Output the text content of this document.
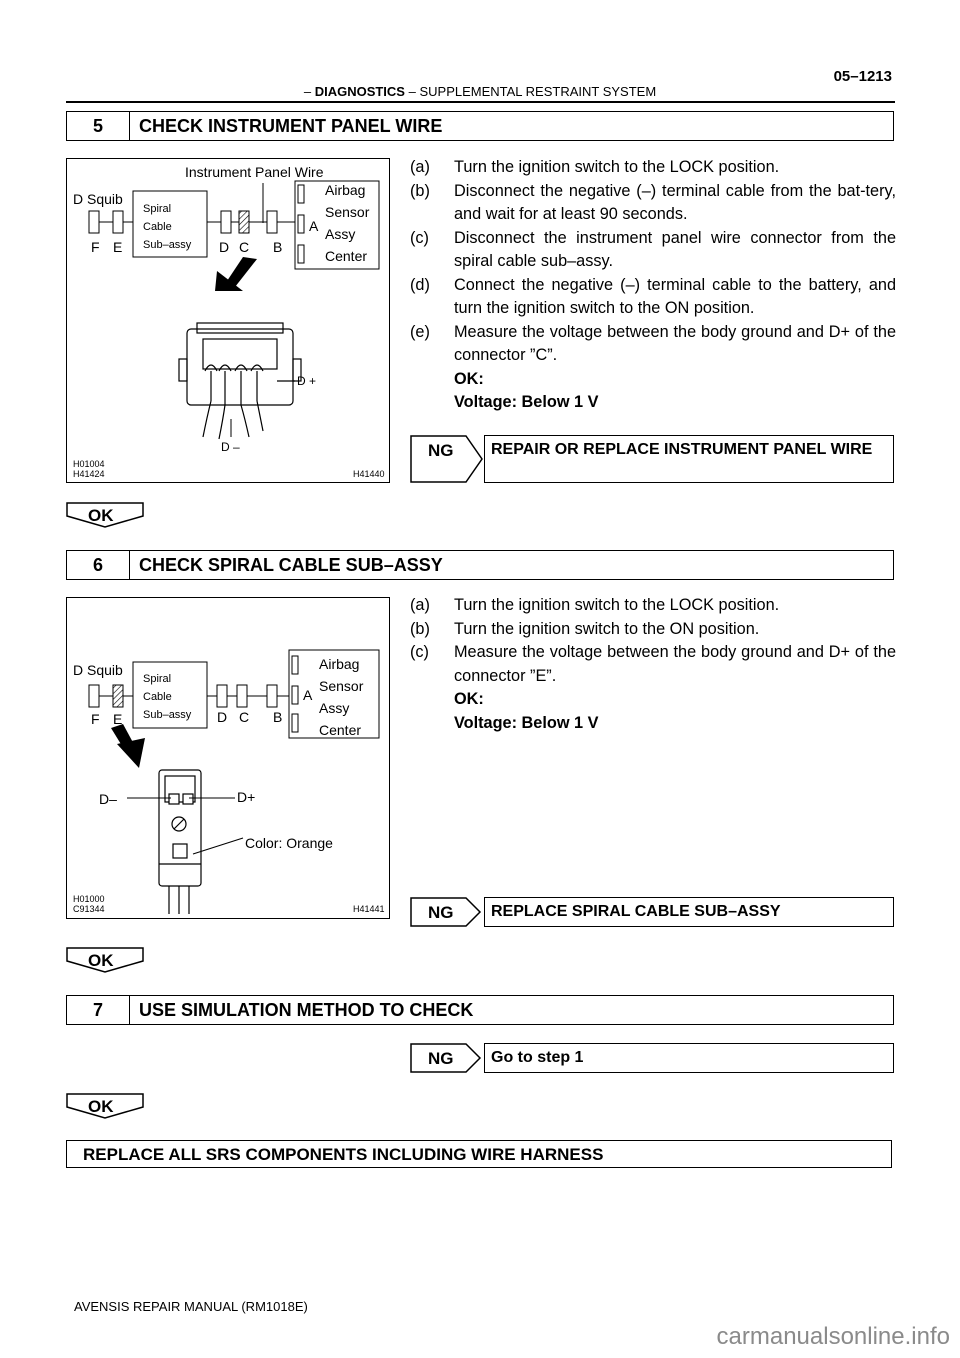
– DIAGNOSTICS – SUPPLEMENTAL RESTRAINT SYSTEM
05–1213
5	CHECK INSTRUMENT PANEL WIRE
Instrument Panel Wire
D Squib
F E
Spiral
Cable
Sub–assy D C B
A
Airbag
Sensor
Assy
Center
D +
D –
H01004
H41424	H41440
(a) Turn the ignition switch to the LOCK position.
(b) Disconnect the negative (–) terminal cable from the bat-tery, and wait for at least 90 seconds.
(c) Disconnect the instrument panel wire connector from the spiral cable sub–assy.
(d) Connect the negative (–) terminal cable to the battery, and turn the ignition switch to the ON position.
(e) Measure the voltage between the body ground and D+ of the connector ”C”.
OK:
Voltage: Below 1 V
NG	REPAIR OR REPLACE INSTRUMENT PANEL WIRE
OK
6	CHECK SPIRAL CABLE SUB–ASSY
D Squib
F E
Spiral
Cable
Sub–assy D C B
A
Airbag
Sensor
Assy
Center
D–	D+
Color: Orange
H01000
C91344	H41441
(a) Turn the ignition switch to the LOCK position.
(b) Turn the ignition switch to the ON position.
(c) Measure the voltage between the body ground and D+ of the connector ”E”.
OK:
Voltage: Below 1 V
NG	REPLACE SPIRAL CABLE SUB–ASSY
OK
7	USE SIMULATION METHOD TO CHECK
NG	Go to step 1
OK
REPLACE ALL SRS COMPONENTS INCLUDING WIRE HARNESS
AVENSIS REPAIR MANUAL (RM1018E)
carmanualsonline.info
